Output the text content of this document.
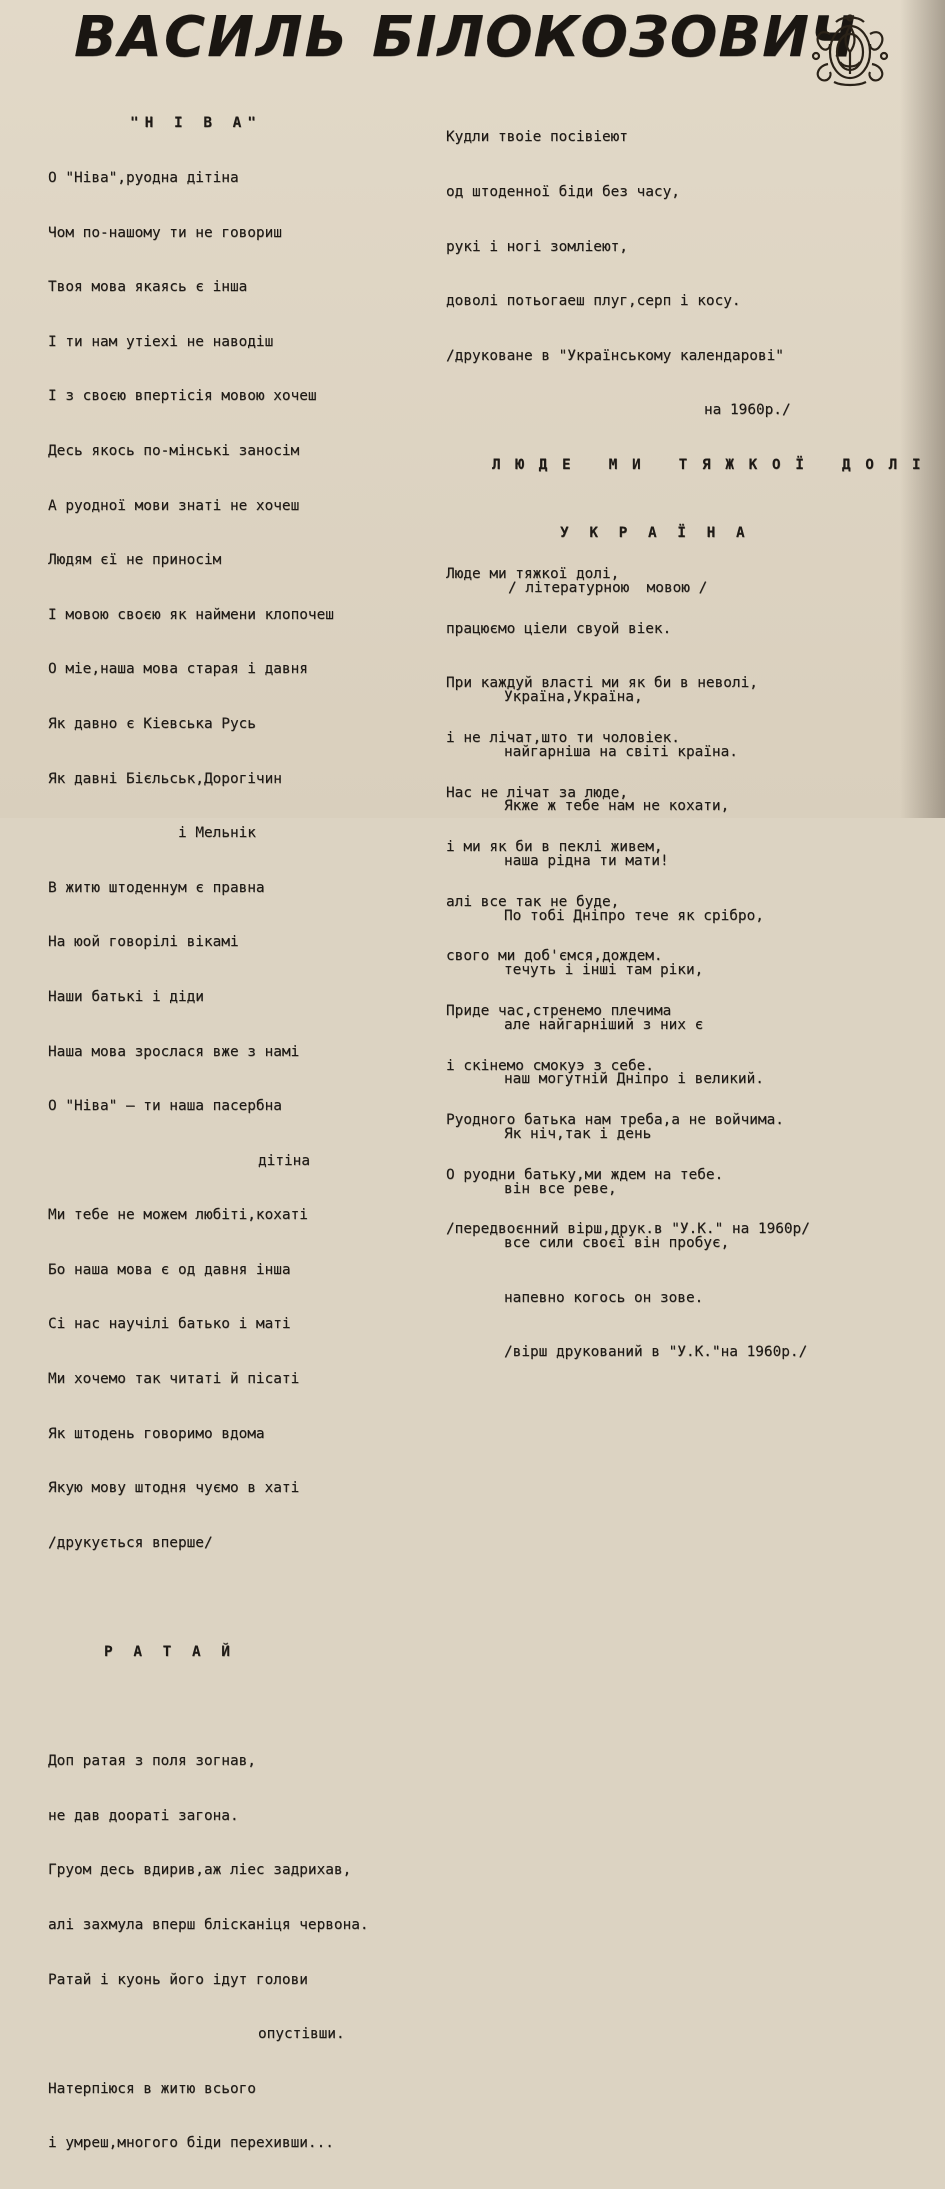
ВАСИЛЬ БІЛОКОЗОВИЧ

"Н І В А"

О "Ніва",руодна дітіна

Чом по-нашому ти не говориш

Твоя мова якаясь є інша

І ти нам утіехі не наводіш

І з своєю впертісія мовою хочеш

Десь якось по-мінськi заносім

А руодної мови знаті не хочеш

Людям єї не приносім

І мовою своєю як наймени клопочеш

О міе,наша мова старая і давня

Як давно є Кіевська Русь

Як давні Бієльськ,Дорогічин

і Мельнік

В житю штоденнум є правна

На юой говорілі вікамі

Наши батькі і діди

Наша мова зрослася вже з намі

О "Ніва" — ти наша пасербна

дітіна

Ми тебе не можем любіті,кохаті

Бо наша мова є од давня інша

Сі нас научілі батько і маті

Ми хочемо так читаті й пісаті

Як штодень говоримо вдома

Якую мову штодня чуємо в хаті

/друкується вперше/

Р А Т А Й

Доп ратая з поля зогнав,

не дав дooраті загона.

Груом десь вдирив,аж ліес задрихав,

алі захмула вперш блісканіця червона.

Ратай і куонь його ідут голови

опустівши.

Натерпіюся в житю всього

і умреш,многого біди перехивши...

Кудли твоіе посівіеют

од штоденної біди без часу,

рукі і ногі зомліеют,

доволі потьогаеш плуг,серп і косу.

/друковане в "Українському календарові"

на 1960р./

Л Ю Д Е   М И   Т Я Ж К О Ї   Д О Л І

Люде ми тяжкої долі,

працюємо ціели свуой віек.

При каждуй власті ми як би в неволі,

і не лічат,што ти чоловіек.

Нас не лічат за люде,

і ми як би в пеклі живем,

алі все так не буде,

свого ми доб'ємся,дождем.

Приде час,стренемо плечима

і скінемо смокуэ з себе.

Руодного батька нам треба,а не войчима.

О руодни батьку,ми ждем на тебе.

/передвоєнний вірш,друк.в "У.К." на 1960р/

У К Р А Ї Н А

/ літературною  мовою /

Україна,Україна,

найгарніша на світі країна.

Якже ж тебе нам не кохати,

наша рідна ти мати!

По тобі Дніпро тече як срібро,

течуть і інші там ріки,

але найгарніший з них є

наш могутній Дніпро і великий.

Як ніч,так і день

він все реве,

все сили своєї він пробує,

напевно когось он зове.

/вірш друкований в "У.К."на 1960р./
